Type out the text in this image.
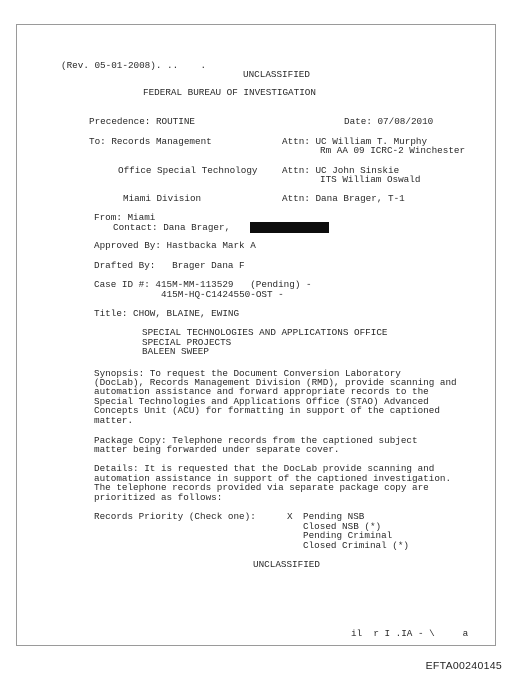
(Rev. 05-01-2008). ..    .
UNCLASSIFIED
FEDERAL BUREAU OF INVESTIGATION
Precedence: ROUTINE	Date: 07/08/2010
To: Records Management	Attn: UC William T. Murphy
Rm AA 09 ICRC-2 Winchester
Office Special Technology	Attn: UC John Sinskie
ITS William Oswald
Miami Division	Attn: Dana Brager, T-1
From: Miami
Contact: Dana Brager,
Approved By: Hastbacka Mark A
Drafted By:   Brager Dana F
Case ID #: 415M-MM-113529   (Pending) -
415M-HQ-C1424550-OST -
Title: CHOW, BLAINE, EWING
SPECIAL TECHNOLOGIES AND APPLICATIONS OFFICE
SPECIAL PROJECTS
BALEEN SWEEP
Synopsis: To request the Document Conversion Laboratory
(DocLab), Records Management Division (RMD), provide scanning and
automation assistance and forward appropriate records to the
Special Technologies and Applications Office (STAO) Advanced
Concepts Unit (ACU) for formatting in support of the captioned
matter.
Package Copy: Telephone records from the captioned subject
matter being forwarded under separate cover.
Details: It is requested that the DocLab provide scanning and
automation assistance in support of the captioned investigation.
The telephone records provided via separate package copy are
prioritized as follows:
Records Priority (Check one):	X Pending NSB
Closed NSB (*)
Pending Criminal
Closed Criminal (*)
UNCLASSIFIED
il  r I .IA - \     a
EFTA00240145
